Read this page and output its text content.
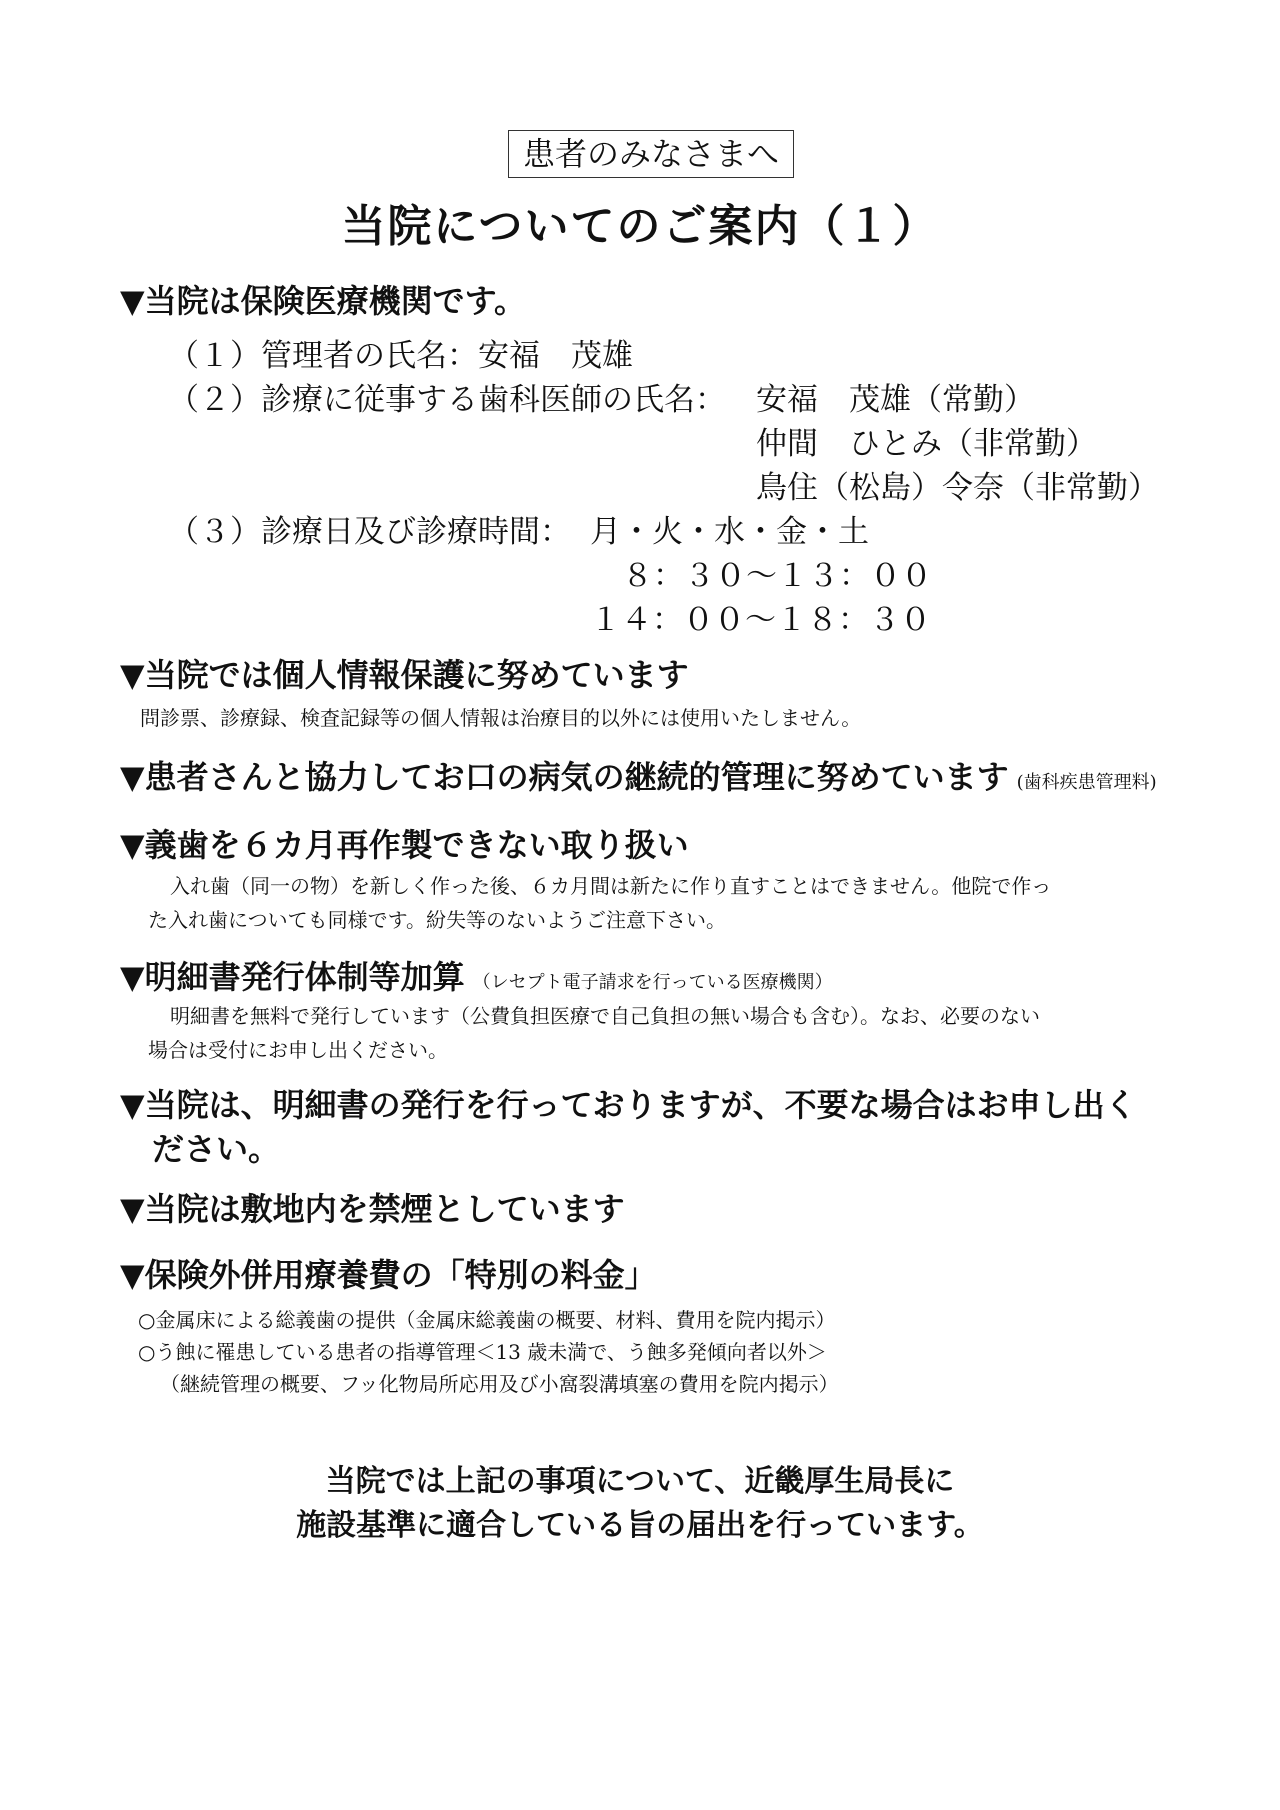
患者のみなさまへ
当院についてのご案内（１）
▼当院は保険医療機関です。
（１）管理者の氏名：安福　茂雄
（２）診療に従事する歯科医師の氏名： 安福　茂雄（常勤）
仲間　ひとみ（非常勤）
鳥住（松島）令奈（非常勤）
（３）診療日及び診療時間： 月・火・水・金・土
８：３０～１３：００
１４：００～１８：３０
▼当院では個人情報保護に努めています
問診票、診療録、検査記録等の個人情報は治療目的以外には使用いたしません。
▼患者さんと協力してお口の病気の継続的管理に努めています (歯科疾患管理料)
▼義歯を６カ月再作製できない取り扱い
入れ歯（同一の物）を新しく作った後、６カ月間は新たに作り直すことはできません。他院で作っ
た入れ歯についても同様です。紛失等のないようご注意下さい。
▼明細書発行体制等加算 （レセプト電子請求を行っている医療機関）
明細書を無料で発行しています（公費負担医療で自己負担の無い場合も含む）。なお、必要のない
場合は受付にお申し出ください。
▼当院は、明細書の発行を行っておりますが、不要な場合はお申し出く
ださい。
▼当院は敷地内を禁煙としています
▼保険外併用療養費の「特別の料金」
○金属床による総義歯の提供（金属床総義歯の概要、材料、費用を院内掲示）
○う蝕に罹患している患者の指導管理＜13 歳未満で、う蝕多発傾向者以外＞
（継続管理の概要、フッ化物局所応用及び小窩裂溝填塞の費用を院内掲示）
当院では上記の事項について、近畿厚生局長に
施設基準に適合している旨の届出を行っています。
